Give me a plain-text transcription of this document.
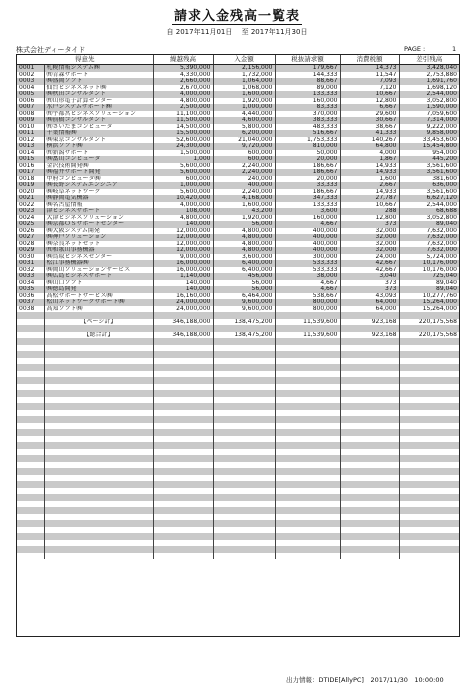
請求入金残高一覧表
自 2017年11月01日　 至 2017年11月30日
株式会社ディータイド	PAGE :	1
得意先		繰越残高	入金額	税抜請求額	消費税額	差引残高
0001	札幌情報システム㈱	5,390,000	2,156,000	179,667	14,373	3,428,040
0002	㈲青森サポート	4,330,000	1,732,000	144,333	11,547	2,753,880
0003	㈱盛岡ソフト	2,660,000	1,064,000	88,667	7,093	1,691,760
0004	仙台ビジネスネット㈱	2,670,000	1,068,000	89,000	7,120	1,698,120
0005	㈱秋田コンサルタント	4,000,000	1,600,000	133,333	10,667	2,544,000
0006	㈲山形電子計算センター	4,800,000	1,920,000	160,000	12,800	3,052,800
0007	水戸システムサポート㈱	2,500,000	1,000,000	83,333	6,667	1,590,000
0008	㈲宇都宮ビジネスソリューション	11,100,000	4,440,000	370,000	29,600	7,059,600
0009	㈱前橋コンサルタント	11,500,000	4,600,000	383,333	30,667	7,314,000
0010	㈲さいたまコンピュータ	14,500,000	5,800,000	483,333	38,667	9,222,000
0011	千葉情報㈱	15,500,000	6,200,000	516,667	41,333	9,858,000
0012	㈱東京コンサルタント	52,600,000	21,040,000	1,753,333	140,267	33,453,600
0013	横浜ソフト㈱	24,300,000	9,720,000	810,000	64,800	15,454,800
0014	㈲新潟サポート	1,500,000	600,000	50,000	4,000	954,000
0015	㈱富山コンピュータ	1,000	600,000	20,000	1,867	445,200
0016	金沢技術開発㈱	5,600,000	2,240,000	186,667	14,933	3,561,600
0017	㈱福井サポート開発	5,600,000	2,240,000	186,667	14,933	3,561,600
0018	甲府コンピュータ㈱	600,000	240,000	20,000	1,600	381,600
0019	㈱長野システムエンジニア	1,000,000	400,000	33,333	2,667	636,000
0020	㈱岐阜ネットワーク	5,600,000	2,240,000	186,667	14,933	3,561,600
0021	㈱静岡電気機器	10,420,000	4,168,000	347,333	27,787	6,627,120
0022	㈱名古屋情報	4,000,000	1,600,000	133,333	10,667	2,544,000
0023	津ビジネスサポート	108,000	43,200	3,600	288	68,688
0024	大津ビジネスソリューション	4,800,000	1,920,000	160,000	12,800	3,052,800
0025	㈱京都ＯＳサポートセンター	140,000	56,000	4,667	373	89,040
0026	㈱大阪システム開発	12,000,000	4,800,000	400,000	32,000	7,632,000
0027	㈱神戸ソリューション	12,000,000	4,800,000	400,000	32,000	7,632,000
0028	㈱奈良ネットセット	12,000,000	4,800,000	400,000	32,000	7,632,000
0029	㈲和歌山事務機器	12,000,000	4,800,000	400,000	32,000	7,632,000
0030	㈱鳥取ビジネスセンター	9,000,000	3,600,000	300,000	24,000	5,724,000
0031	松江事務機器㈱	16,000,000	6,400,000	533,333	42,667	10,176,000
0032	㈱岡山ソリューションサービス	16,000,000	6,400,000	533,333	42,667	10,176,000
0033	㈱広島ビジネスサポート	1,140,000	456,000	38,000	3,040	725,040
0034	㈱山口ソフト	140,000	56,000	4,667	373	89,040
0035	㈱徳島開発	140,000	56,000	4,667	373	89,040
0036	高松サポートサービス㈱	16,160,000	6,464,000	538,667	43,093	10,277,760
0037	松山ネットワークサポート㈱	24,000,000	9,600,000	800,000	64,000	15,264,000
0038	高知ソフト㈱	24,000,000	9,600,000	800,000	64,000	15,264,000

	【ページ計】	346,188,000	138,475,200	11,539,600	923,168	220,175,568

	【総合計】	346,188,000	138,475,200	11,539,600	923,168	220,175,568

出力情報：DTIDE[AllyPC]　2017/11/30　10:00:00
